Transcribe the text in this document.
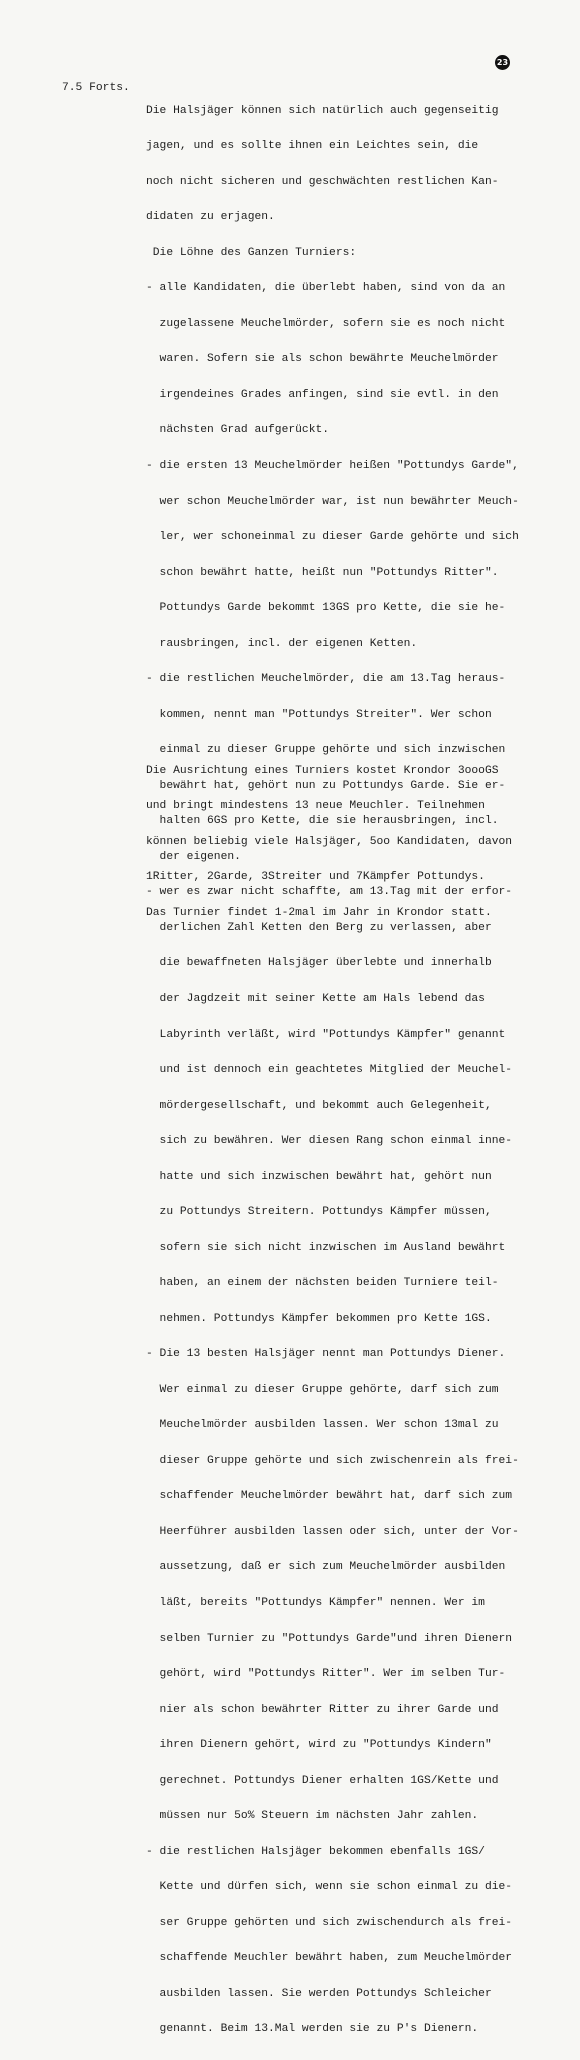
23
7.5 Forts.

Die Halsjäger können sich natürlich auch gegenseitig

jagen, und es sollte ihnen ein Leichtes sein, die

noch nicht sicheren und geschwächten restlichen Kan-

didaten zu erjagen.

Die Löhne des Ganzen Turniers:

- alle Kandidaten, die überlebt haben, sind von da an

zugelassene Meuchelmörder, sofern sie es noch nicht

waren. Sofern sie als schon bewährte Meuchelmörder

irgendeines Grades anfingen, sind sie evtl. in den

nächsten Grad aufgerückt.

- die ersten 13 Meuchelmörder heißen "Pottundys Garde",

wer schon Meuchelmörder war, ist nun bewährter Meuch-

ler, wer schoneinmal zu dieser Garde gehörte und sich

schon bewährt hatte, heißt nun "Pottundys Ritter".

Pottundys Garde bekommt 13GS pro Kette, die sie he-

rausbringen, incl. der eigenen Ketten.

- die restlichen Meuchelmörder, die am 13.Tag heraus-

kommen, nennt man "Pottundys Streiter". Wer schon

einmal zu dieser Gruppe gehörte und sich inzwischen

bewährt hat, gehört nun zu Pottundys Garde. Sie er-

halten 6GS pro Kette, die sie herausbringen, incl.

der eigenen.

- wer es zwar nicht schaffte, am 13.Tag mit der erfor-

derlichen Zahl Ketten den Berg zu verlassen, aber

die bewaffneten Halsjäger überlebte und innerhalb

der Jagdzeit mit seiner Kette am Hals lebend das

Labyrinth verläßt, wird "Pottundys Kämpfer" genannt

und ist dennoch ein geachtetes Mitglied der Meuchel-

mördergesellschaft, und bekommt auch Gelegenheit,

sich zu bewähren. Wer diesen Rang schon einmal inne-

hatte und sich inzwischen bewährt hat, gehört nun

zu Pottundys Streitern. Pottundys Kämpfer müssen,

sofern sie sich nicht inzwischen im Ausland bewährt

haben, an einem der nächsten beiden Turniere teil-

nehmen. Pottundys Kämpfer bekommen pro Kette 1GS.

- Die 13 besten Halsjäger nennt man Pottundys Diener.

Wer einmal zu dieser Gruppe gehörte, darf sich zum

Meuchelmörder ausbilden lassen. Wer schon 13mal zu

dieser Gruppe gehörte und sich zwischenrein als frei-

schaffender Meuchelmörder bewährt hat, darf sich zum

Heerführer ausbilden lassen oder sich, unter der Vor-

aussetzung, daß er sich zum Meuchelmörder ausbilden

läßt, bereits "Pottundys Kämpfer" nennen. Wer im

selben Turnier zu "Pottundys Garde"und ihren Dienern

gehört, wird "Pottundys Ritter". Wer im selben Tur-

nier als schon bewährter Ritter zu ihrer Garde und

ihren Dienern gehört, wird zu "Pottundys Kindern"

gerechnet. Pottundys Diener erhalten 1GS/Kette und

müssen nur 5o% Steuern im nächsten Jahr zahlen.

- die restlichen Halsjäger bekommen ebenfalls 1GS/

Kette und dürfen sich, wenn sie schon einmal zu die-

ser Gruppe gehörten und sich zwischendurch als frei-

schaffende Meuchler bewährt haben, zum Meuchelmörder

ausbilden lassen. Sie werden Pottundys Schleicher

genannt. Beim 13.Mal werden sie zu P's Dienern.

Die Ausrichtung eines Turniers kostet Krondor 3oooGS

und bringt mindestens 13 neue Meuchler. Teilnehmen

können beliebig viele Halsjäger, 5oo Kandidaten, davon

1Ritter, 2Garde, 3Streiter und 7Kämpfer Pottundys.

Das Turnier findet 1-2mal im Jahr in Krondor statt.
